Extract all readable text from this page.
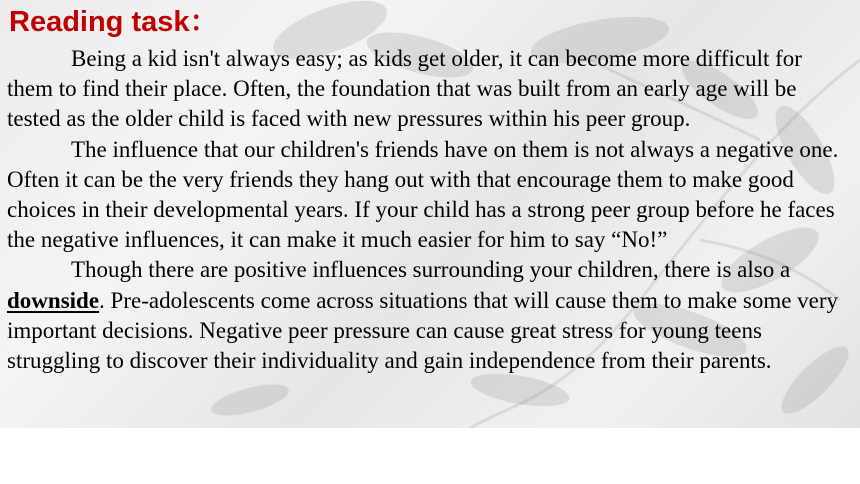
Reading task：

Being a kid isn't always easy; as kids get older, it can become more difficult for them to find their place. Often, the foundation that was built from an early age will be tested as the older child is faced with new pressures within his peer group.

The influence that our children's friends have on them is not always a negative one. Often it can be the very friends they hang out with that encourage them to make good choices in their developmental years. If your child has a strong peer group before he faces the negative influences, it can make it much easier for him to say “No!”

Though there are positive influences surrounding your children, there is also a downside. Pre-adolescents come across situations that will cause them to make some very important decisions. Negative peer pressure can cause great stress for young teens struggling to discover their individuality and gain independence from their parents.
